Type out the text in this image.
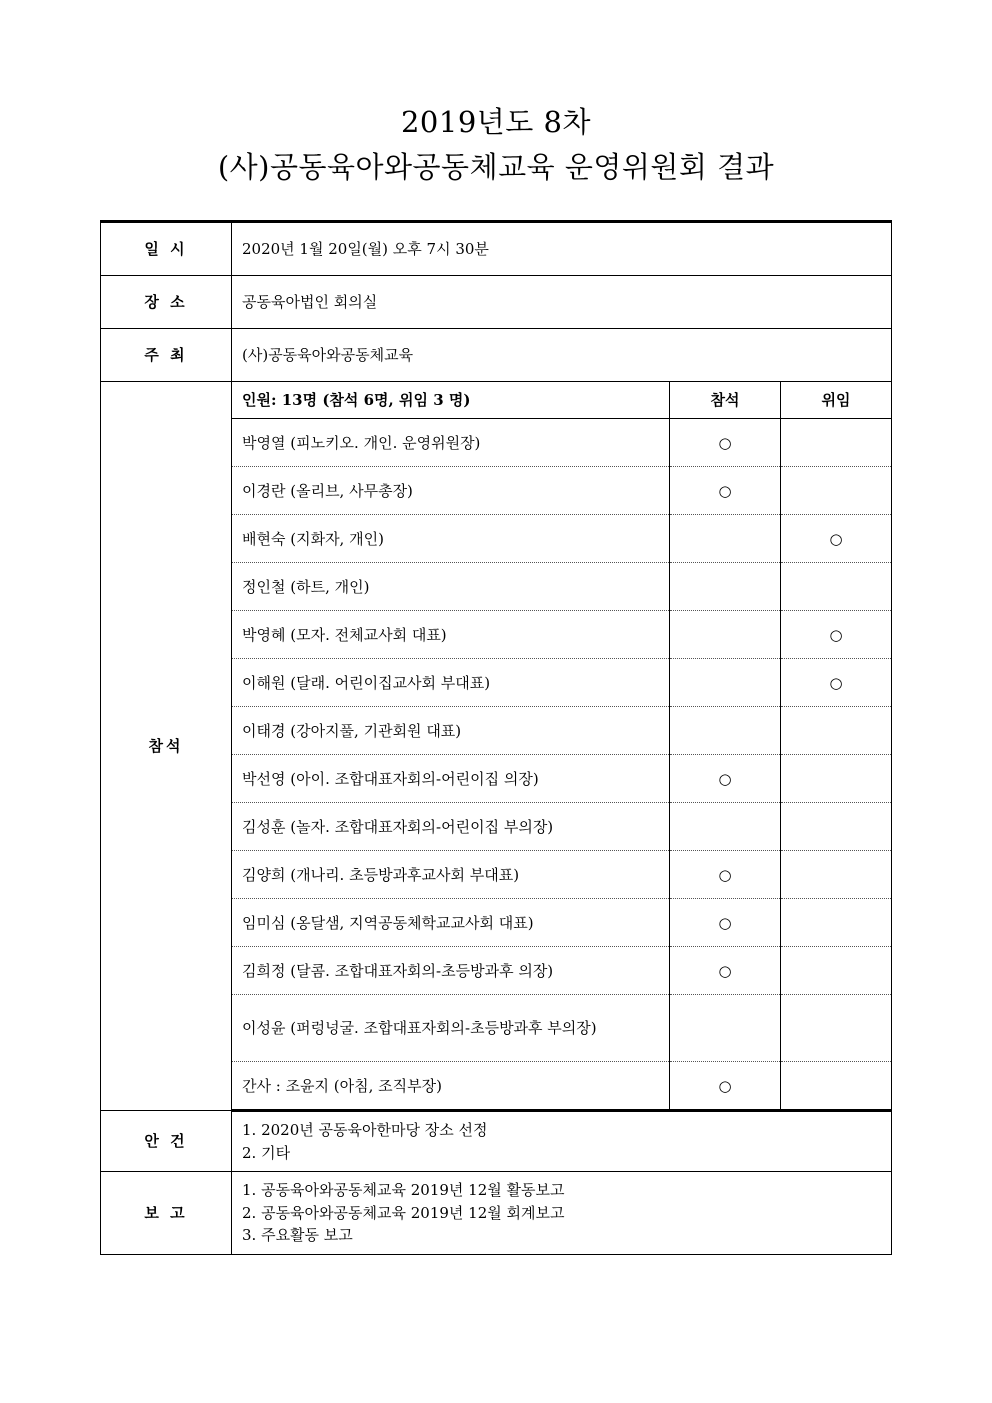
2019년도 8차
(사)공동육아와공동체교육 운영위원회 결과
일 시	2020년 1월 20일(월) 오후 7시 30분		
장 소	공동육아법인 회의실		
주 최	(사)공동육아와공동체교육		
참석	인원: 13명 (참석 6명, 위임 3 명)	참석	위임
	박영열 (피노키오. 개인. 운영위원장)	○	
	이경란 (올리브, 사무총장)	○	
	배현숙 (지화자, 개인)		○
	정인철 (하트, 개인)		
	박영혜 (모자. 전체교사회 대표)		○
	이해원 (달래. 어린이집교사회 부대표)		○
	이태경 (강아지풀, 기관회원 대표)		
	박선영 (아이. 조합대표자회의-어린이집 의장)	○	
	김성훈 (놀자. 조합대표자회의-어린이집 부의장)		
	김양희 (개나리. 초등방과후교사회 부대표)	○	
	임미심 (옹달샘, 지역공동체학교교사회 대표)	○	
	김희정 (달콤. 조합대표자회의-초등방과후 의장)	○	
	이성윤 (퍼렁넝굴. 조합대표자회의-초등방과후 부의장)		
	간사 : 조윤지 (아침, 조직부장)	○	
안 건	1. 2020년 공동육아한마당 장소 선정
2. 기타		

보 고	1. 공동육아와공동체교육 2019년 12월 활동보고
2. 공동육아와공동체교육 2019년 12월 회계보고
3. 주요활동 보고		
